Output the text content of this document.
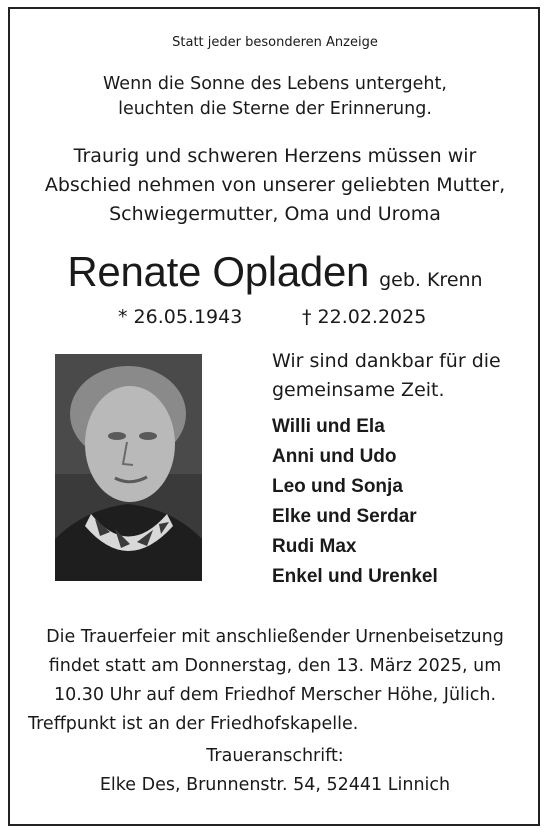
Statt jeder besonderen Anzeige
Wenn die Sonne des Lebens untergeht,
leuchten die Sterne der Erinnerung.
Traurig und schweren Herzens müssen wir
Abschied nehmen von unserer geliebten Mutter,
Schwiegermutter, Oma und Uroma
Renate Opladen geb. Krenn
* 26.05.1943	† 22.02.2025
Wir sind dankbar für die
gemeinsame Zeit.
Willi und Ela
Anni und Udo
Leo und Sonja
Elke und Serdar
Rudi Max
Enkel und Urenkel
Die Trauerfeier mit anschließender Urnenbeisetzung
findet statt am Donnerstag, den 13. März 2025, um
10.30 Uhr auf dem Friedhof Merscher Höhe, Jülich.
Treffpunkt ist an der Friedhofskapelle.
Traueranschrift:
Elke Des, Brunnenstr. 54, 52441 Linnich
